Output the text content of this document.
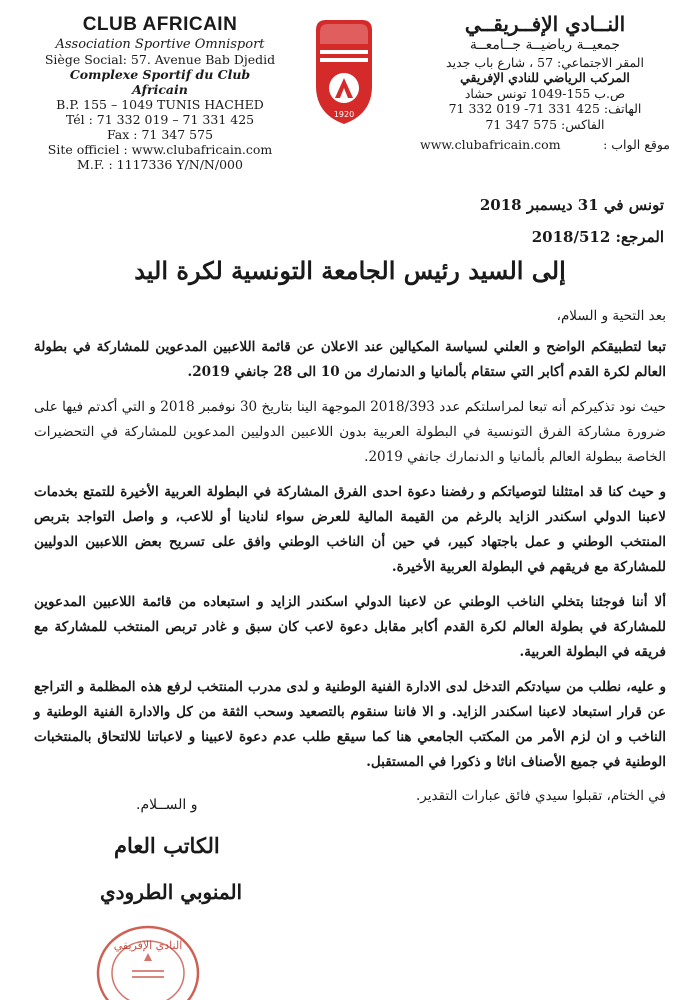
CLUB AFRICAIN
Association Sportive Omnisport
Siège Social: 57. Avenue Bab Djedid
Complexe Sportif du Club Africain
B.P. 155 – 1049 TUNIS HACHED
Tél : 71 332 019 – 71 331 425
Fax : 71 347 575
Site officiel : www.clubafricain.com
M.F. : 1117336 Y/N/N/000
1920
النــادي الإفــريقــي
جمعيــة رياضيــة جــامعــة
المقر الاجتماعي: 57 ، شارع باب جديد
المركب الرياضي للنادي الإفريقي
ص.ب 155-1049 تونس حشاد
الهاتف: 425 331 71- 019 332 71
الفاكس: 575 347 71
موقع الواب :
www.clubafricain.com
تونس في 31 ديسمبر 2018
المرجع: 2018/512
إلى السيد رئيس الجامعة التونسية لكرة اليد

بعد التحية و السلام،

تبعا لتطبيقكم الواضح و العلني لسياسة المكيالين عند الاعلان عن قائمة اللاعبين المدعوين للمشاركة في بطولة العالم لكرة القدم أكابر التي ستقام بألمانيا و الدنمارك من 10 الى 28 جانفي 2019.

حيث نود تذكيركم أنه تبعا لمراسلتكم عدد 2018/393 الموجهة الينا بتاريخ 30 نوفمبر 2018 و التي أكدتم فيها على ضرورة مشاركة الفرق التونسية في البطولة العربية بدون اللاعبين الدوليين المدعوين للمشاركة في التحضيرات الخاصة ببطولة العالم بألمانيا و الدنمارك جانفي 2019.

و حيث كنا قد امتثلنا لتوصياتكم و رفضنا دعوة احدى الفرق المشاركة في البطولة العربية الأخيرة للتمتع بخدمات لاعبنا الدولي اسكندر الزايد بالرغم من القيمة المالية للعرض سواء لنادينا أو للاعب، و واصل التواجد بتربص المنتخب الوطني و عمل باجتهاد كبير، في حين أن الناخب الوطني وافق على تسريح بعض اللاعبين الدوليين للمشاركة مع فريقهم في البطولة العربية الأخيرة.

ألا أننا فوجئنا بتخلي الناخب الوطني عن لاعبنا الدولي اسكندر الزايد و استبعاده من قائمة اللاعبين المدعوين للمشاركة في بطولة العالم لكرة القدم أكابر مقابل دعوة لاعب كان سبق و غادر تربص المنتخب للمشاركة مع فريقه في البطولة العربية.

و عليه، نطلب من سيادتكم التدخل لدى الادارة الفنية الوطنية و لدى مدرب المنتخب لرفع هذه المظلمة و التراجع عن قرار استبعاد لاعبنا اسكندر الزايد. و الا فاننا سنقوم بالتصعيد وسحب الثقة من كل والادارة الفنية الوطنية و الناخب و ان لزم الأمر من المكتب الجامعي هنا كما سيقع طلب عدم دعوة لاعبينا و لاعباتنا للالتحاق بالمنتخبات الوطنية في جميع الأصناف اناثا و ذكورا في المستقبل.

في الختام، تقبلوا سيدي فائق عبارات التقدير.

و الســلام.
الكاتب العام
المنوبي الطرودي
النادي الإفريقي
